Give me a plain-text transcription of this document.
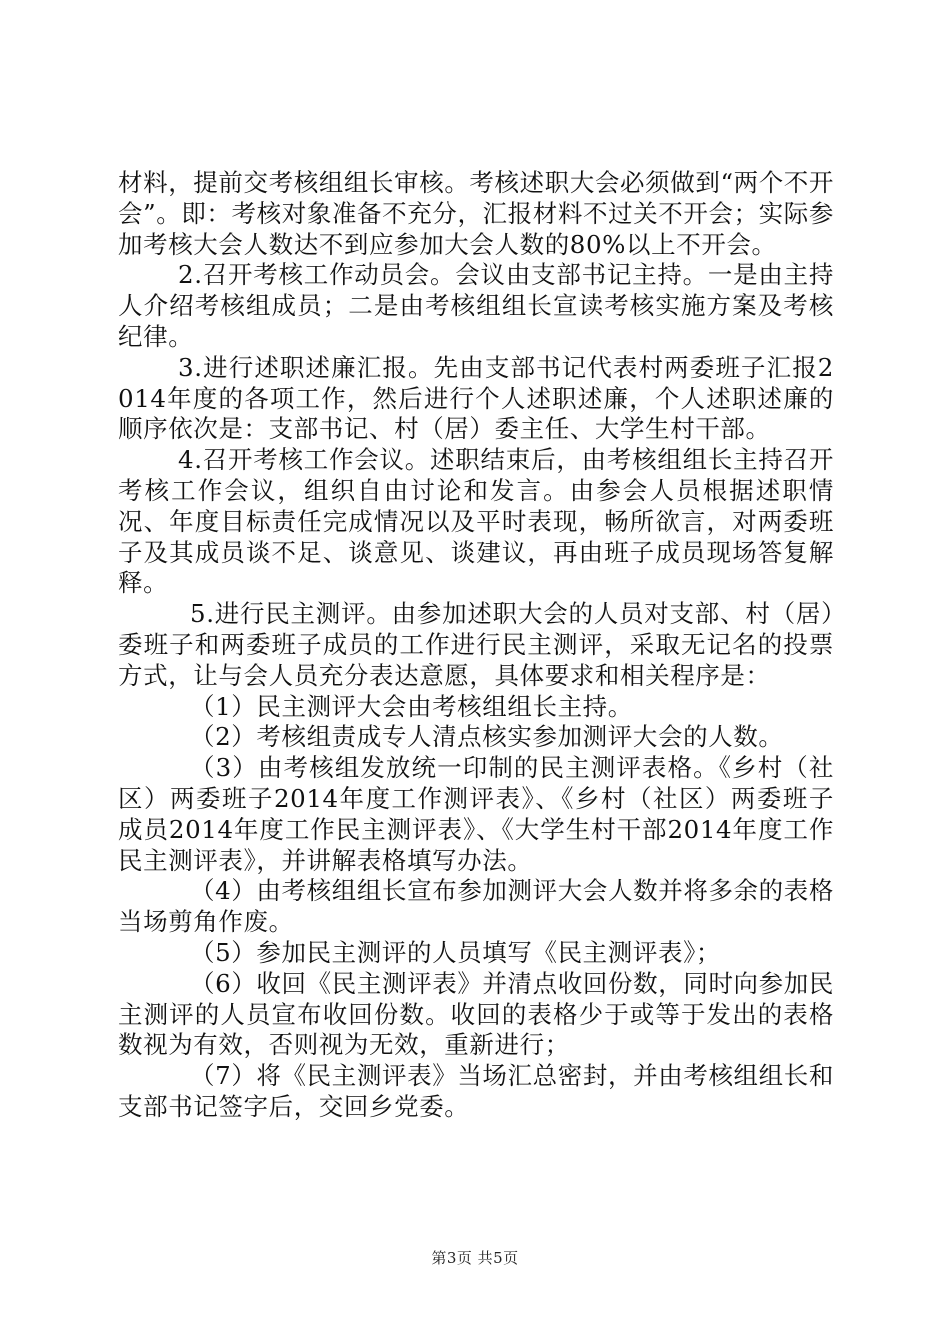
材料，提前交考核组组长审核。考核述职大会必须做到“两个不开会”。即：考核对象准备不充分，汇报材料不过关不开会；实际参加考核大会人数达不到应参加大会人数的80%以上不开会。

2.召开考核工作动员会。会议由支部书记主持。一是由主持人介绍考核组成员；二是由考核组组长宣读考核实施方案及考核纪律。

3.进行述职述廉汇报。先由支部书记代表村两委班子汇报2014年度的各项工作，然后进行个人述职述廉，个人述职述廉的顺序依次是：支部书记、村（居）委主任、大学生村干部。

4.召开考核工作会议。述职结束后，由考核组组长主持召开考核工作会议，组织自由讨论和发言。由参会人员根据述职情况、年度目标责任完成情况以及平时表现，畅所欲言，对两委班子及其成员谈不足、谈意见、谈建议，再由班子成员现场答复解释。

5.进行民主测评。由参加述职大会的人员对支部、村（居）委班子和两委班子成员的工作进行民主测评，采取无记名的投票方式，让与会人员充分表达意愿，具体要求和相关程序是：

（1）民主测评大会由考核组组长主持。

（2）考核组责成专人清点核实参加测评大会的人数。

（3）由考核组发放统一印制的民主测评表格。《乡村（社区）两委班子2014年度工作测评表》、《乡村（社区）两委班子成员2014年度工作民主测评表》、《大学生村干部2014年度工作民主测评表》，并讲解表格填写办法。

（4）由考核组组长宣布参加测评大会人数并将多余的表格当场剪角作废。

（5）参加民主测评的人员填写《民主测评表》；

（6）收回《民主测评表》并清点收回份数，同时向参加民主测评的人员宣布收回份数。收回的表格少于或等于发出的表格数视为有效，否则视为无效，重新进行；

（7）将《民主测评表》当场汇总密封，并由考核组组长和支部书记签字后，交回乡党委。

第3页 共5页
